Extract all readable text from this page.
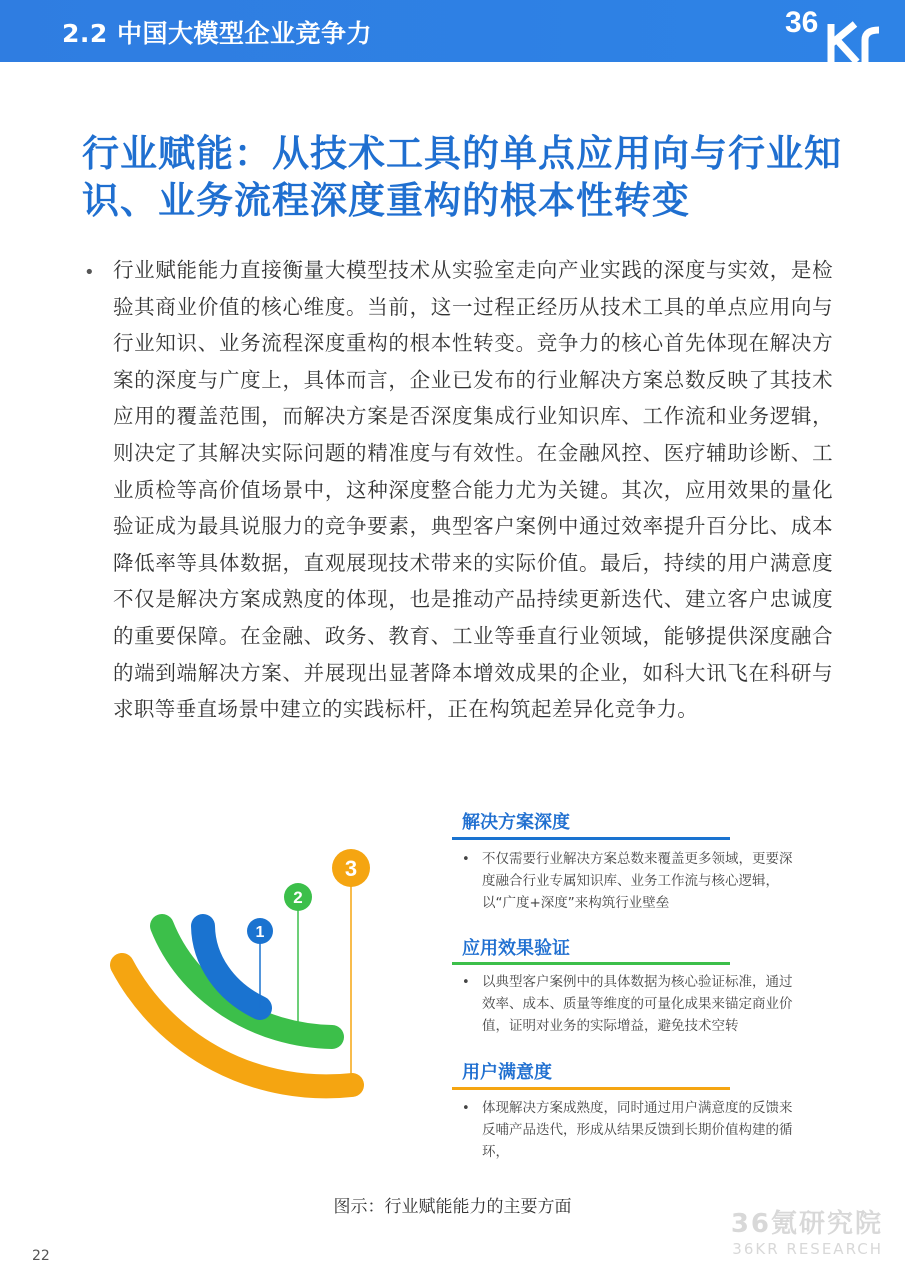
2.2 中国大模型企业竞争力	36
行业赋能：从技术工具的单点应用向与行业知识、业务流程深度重构的根本性转变
• 行业赋能能力直接衡量大模型技术从实验室走向产业实践的深度与实效，是检验其商业价值的核心维度。当前，这一过程正经历从技术工具的单点应用向与行业知识、业务流程深度重构的根本性转变。竞争力的核心首先体现在解决方案的深度与广度上，具体而言，企业已发布的行业解决方案总数反映了其技术应用的覆盖范围，而解决方案是否深度集成行业知识库、工作流和业务逻辑，则决定了其解决实际问题的精准度与有效性。在金融风控、医疗辅助诊断、工业质检等高价值场景中，这种深度整合能力尤为关键。其次，应用效果的量化验证成为最具说服力的竞争要素，典型客户案例中通过效率提升百分比、成本降低率等具体数据，直观展现技术带来的实际价值。最后，持续的用户满意度不仅是解决方案成熟度的体现，也是推动产品持续更新迭代、建立客户忠诚度的重要保障。在金融、政务、教育、工业等垂直行业领域，能够提供深度融合的端到端解决方案、并展现出显著降本增效成果的企业，如科大讯飞在科研与求职等垂直场景中建立的实践标杆，正在构筑起差异化竞争力。
1
2
3
解决方案深度
• 不仅需要行业解决方案总数来覆盖更多领域，更要深度融合行业专属知识库、业务工作流与核心逻辑，以“广度+深度”来构筑行业壁垒
应用效果验证
• 以典型客户案例中的具体数据为核心验证标准，通过效率、成本、质量等维度的可量化成果来锚定商业价值，证明对业务的实际增益，避免技术空转
用户满意度
• 体现解决方案成熟度，同时通过用户满意度的反馈来反哺产品迭代，形成从结果反馈到长期价值构建的循环，
图示：行业赋能能力的主要方面
22
36氪研究院
36KR RESEARCH
